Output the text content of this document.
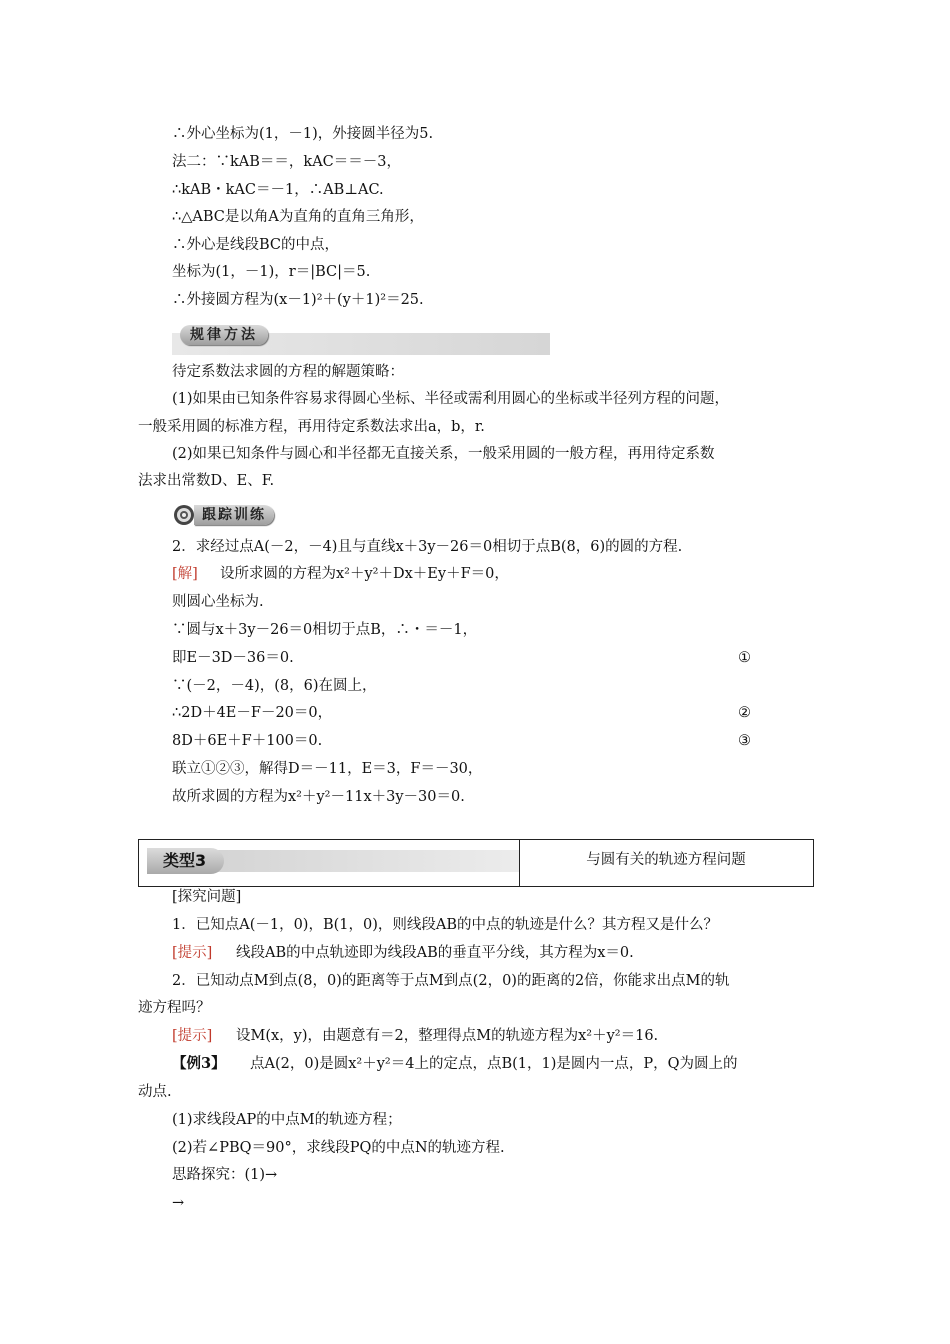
∴外心坐标为(1，－1)，外接圆半径为5.
法二：∵kAB＝＝，kAC＝＝－3，
∴kAB・kAC＝－1，∴AB⊥AC.
∴△ABC是以角A为直角的直角三角形，
∴外心是线段BC的中点，
坐标为(1，－1)，r＝|BC|＝5.
∴外接圆方程为(x－1)²＋(y＋1)²＝25.
规律方法
待定系数法求圆的方程的解题策略：
(1)如果由已知条件容易求得圆心坐标、半径或需利用圆心的坐标或半径列方程的问题，
一般采用圆的标准方程，再用待定系数法求出a，b，r.
(2)如果已知条件与圆心和半径都无直接关系，一般采用圆的一般方程，再用待定系数
法求出常数D、E、F.
跟踪训练
2．求经过点A(－2，－4)且与直线x＋3y－26＝0相切于点B(8，6)的圆的方程.
[解] 设所求圆的方程为x²＋y²＋Dx＋Ey＋F＝0，
则圆心坐标为.
∵圆与x＋3y－26＝0相切于点B，∴・＝－1，
即E－3D－36＝0.	①
∵(－2，－4)，(8，6)在圆上，
∴2D＋4E－F－20＝0，	②
8D＋6E＋F＋100＝0.	③
联立①②③，解得D＝－11，E＝3，F＝－30，
故所求圆的方程为x²＋y²－11x＋3y－30＝0.
类型3	与圆有关的轨迹方程问题
[探究问题]
1．已知点A(－1，0)，B(1，0)，则线段AB的中点的轨迹是什么？其方程又是什么？
[提示] 线段AB的中点轨迹即为线段AB的垂直平分线，其方程为x＝0.
2．已知动点M到点(8，0)的距离等于点M到点(2，0)的距离的2倍，你能求出点M的轨
迹方程吗？
[提示] 设M(x，y)，由题意有＝2，整理得点M的轨迹方程为x²＋y²＝16.
【例3】 点A(2，0)是圆x²＋y²＝4上的定点，点B(1，1)是圆内一点，P，Q为圆上的
动点.
(1)求线段AP的中点M的轨迹方程；
(2)若∠PBQ＝90°，求线段PQ的中点N的轨迹方程.
思路探究：(1)→
→
